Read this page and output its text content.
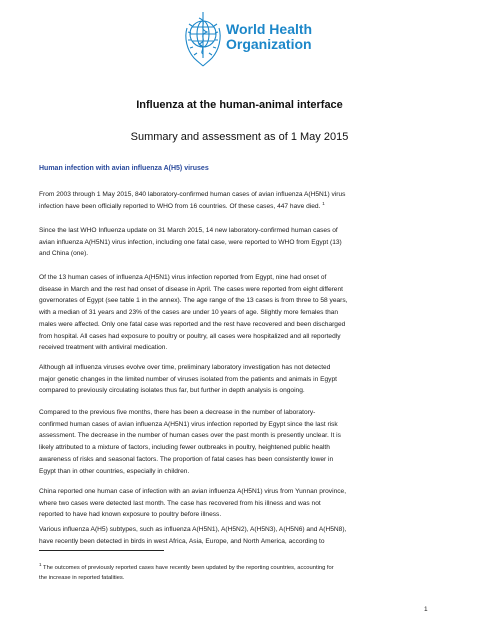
World Health
Organization
Influenza at the human-animal interface
Summary and assessment as of 1 May 2015
Human infection with avian influenza A(H5) viruses

From 2003 through 1 May 2015, 840 laboratory-confirmed human cases of avian influenza A(H5N1) virus
infection have been officially reported to WHO from 16 countries. Of these cases, 447 have died. $^1$

Since the last WHO Influenza update on 31 March 2015, 14 new laboratory-confirmed human cases of
avian influenza A(H5N1) virus infection, including one fatal case, were reported to WHO from Egypt (13)
and China (one).

Of the 13 human cases of influenza A(H5N1) virus infection reported from Egypt, nine had onset of
disease in March and the rest had onset of disease in April. The cases were reported from eight different
governorates of Egypt (see table 1 in the annex). The age range of the 13 cases is from three to 58 years,
with a median of 31 years and 23% of the cases are under 10 years of age. Slightly more females than
males were affected. Only one fatal case was reported and the rest have recovered and been discharged
from hospital. All cases had exposure to poultry or poultry, all cases were hospitalized and all reportedly
received treatment with antiviral medication.

Although all influenza viruses evolve over time, preliminary laboratory investigation has not detected
major genetic changes in the limited number of viruses isolated from the patients and animals in Egypt
compared to previously circulating isolates thus far, but further in depth analysis is ongoing.

Compared to the previous five months, there has been a decrease in the number of laboratory-
confirmed human cases of avian influenza A(H5N1) virus infection reported by Egypt since the last risk
assessment. The decrease in the number of human cases over the past month is presently unclear. It is
likely attributed to a mixture of factors, including fewer outbreaks in poultry, heightened public health
awareness of risks and seasonal factors. The proportion of fatal cases has been consistently lower in
Egypt than in other countries, especially in children.

China reported one human case of infection with an avian influenza A(H5N1) virus from Yunnan province,
where two cases were detected last month. The case has recovered from his illness and was not
reported to have had known exposure to poultry before illness.

Various influenza A(H5) subtypes, such as influenza A(H5N1), A(H5N2), A(H5N3), A(H5N6) and A(H5N8),
have recently been detected in birds in west Africa, Asia, Europe, and North America, according to

$^1$ The outcomes of previously reported cases have recently been updated by the reporting countries, accounting for
the increase in reported fatalities.
1
